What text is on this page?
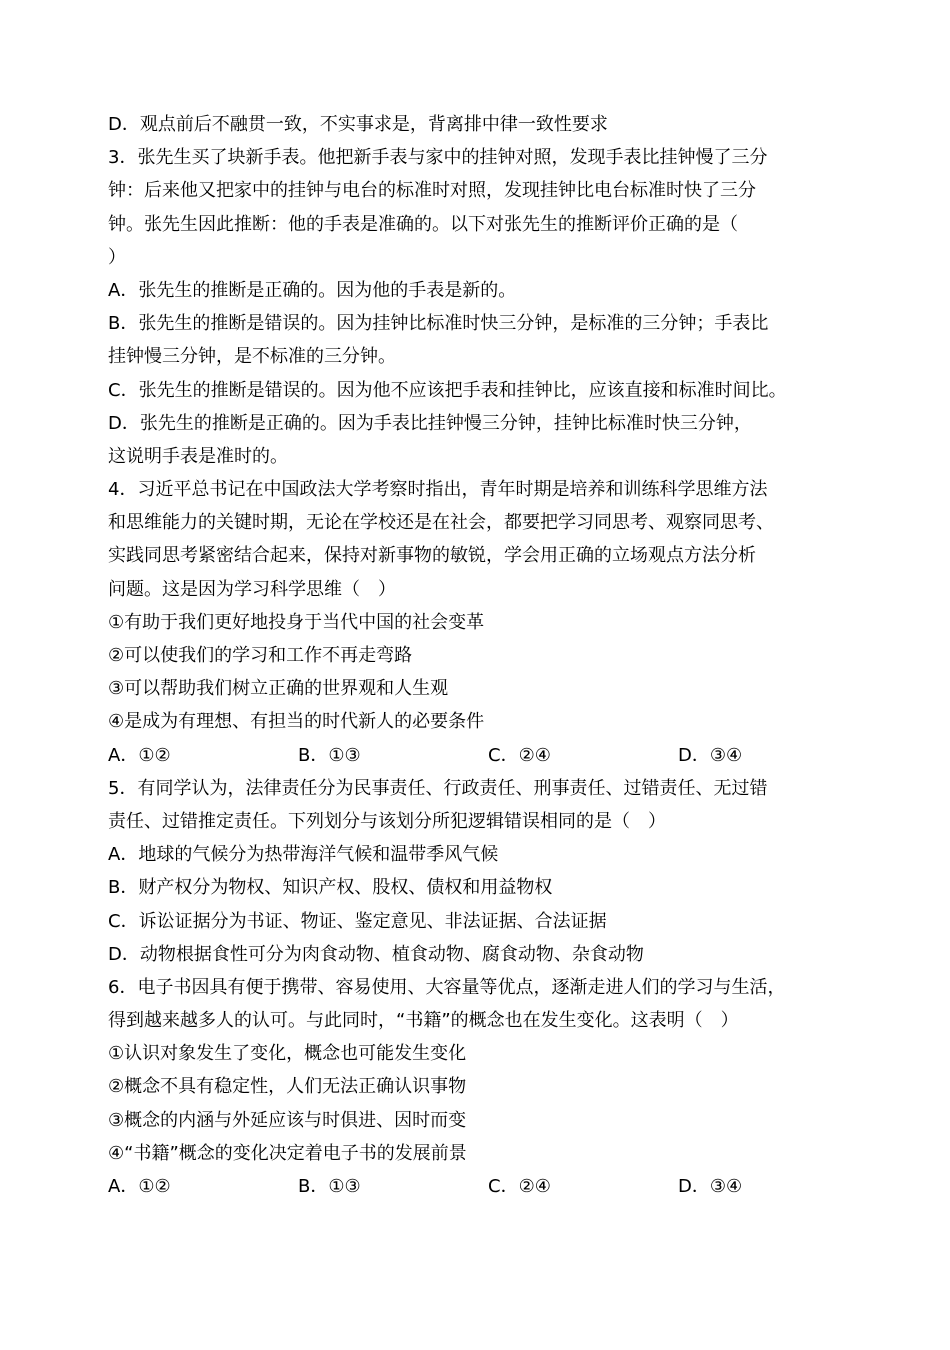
D．观点前后不融贯一致，不实事求是，背离排中律一致性要求
3．张先生买了块新手表。他把新手表与家中的挂钟对照，发现手表比挂钟慢了三分
钟：后来他又把家中的挂钟与电台的标准时对照，发现挂钟比电台标准时快了三分
钟。张先生因此推断：他的手表是准确的。以下对张先生的推断评价正确的是（
）
A．张先生的推断是正确的。因为他的手表是新的。
B．张先生的推断是错误的。因为挂钟比标准时快三分钟，是标准的三分钟；手表比
挂钟慢三分钟，是不标准的三分钟。
C．张先生的推断是错误的。因为他不应该把手表和挂钟比，应该直接和标准时间比。
D．张先生的推断是正确的。因为手表比挂钟慢三分钟，挂钟比标准时快三分钟，
这说明手表是准时的。
4．习近平总书记在中国政法大学考察时指出，青年时期是培养和训练科学思维方法
和思维能力的关键时期，无论在学校还是在社会，都要把学习同思考、观察同思考、
实践同思考紧密结合起来，保持对新事物的敏锐，学会用正确的立场观点方法分析
问题。这是因为学习科学思维（　）
①有助于我们更好地投身于当代中国的社会变革
②可以使我们的学习和工作不再走弯路
③可以帮助我们树立正确的世界观和人生观
④是成为有理想、有担当的时代新人的必要条件
A．①②	B．①③	C．②④	D．③④
5．有同学认为，法律责任分为民事责任、行政责任、刑事责任、过错责任、无过错
责任、过错推定责任。下列划分与该划分所犯逻辑错误相同的是（　）
A．地球的气候分为热带海洋气候和温带季风气候
B．财产权分为物权、知识产权、股权、债权和用益物权
C．诉讼证据分为书证、物证、鉴定意见、非法证据、合法证据
D．动物根据食性可分为肉食动物、植食动物、腐食动物、杂食动物
6．电子书因具有便于携带、容易使用、大容量等优点，逐渐走进人们的学习与生活，
得到越来越多人的认可。与此同时，“书籍”的概念也在发生变化。这表明（　）
①认识对象发生了变化，概念也可能发生变化
②概念不具有稳定性，人们无法正确认识事物
③概念的内涵与外延应该与时俱进、因时而变
④“书籍”概念的变化决定着电子书的发展前景
A．①②	B．①③	C．②④	D．③④
